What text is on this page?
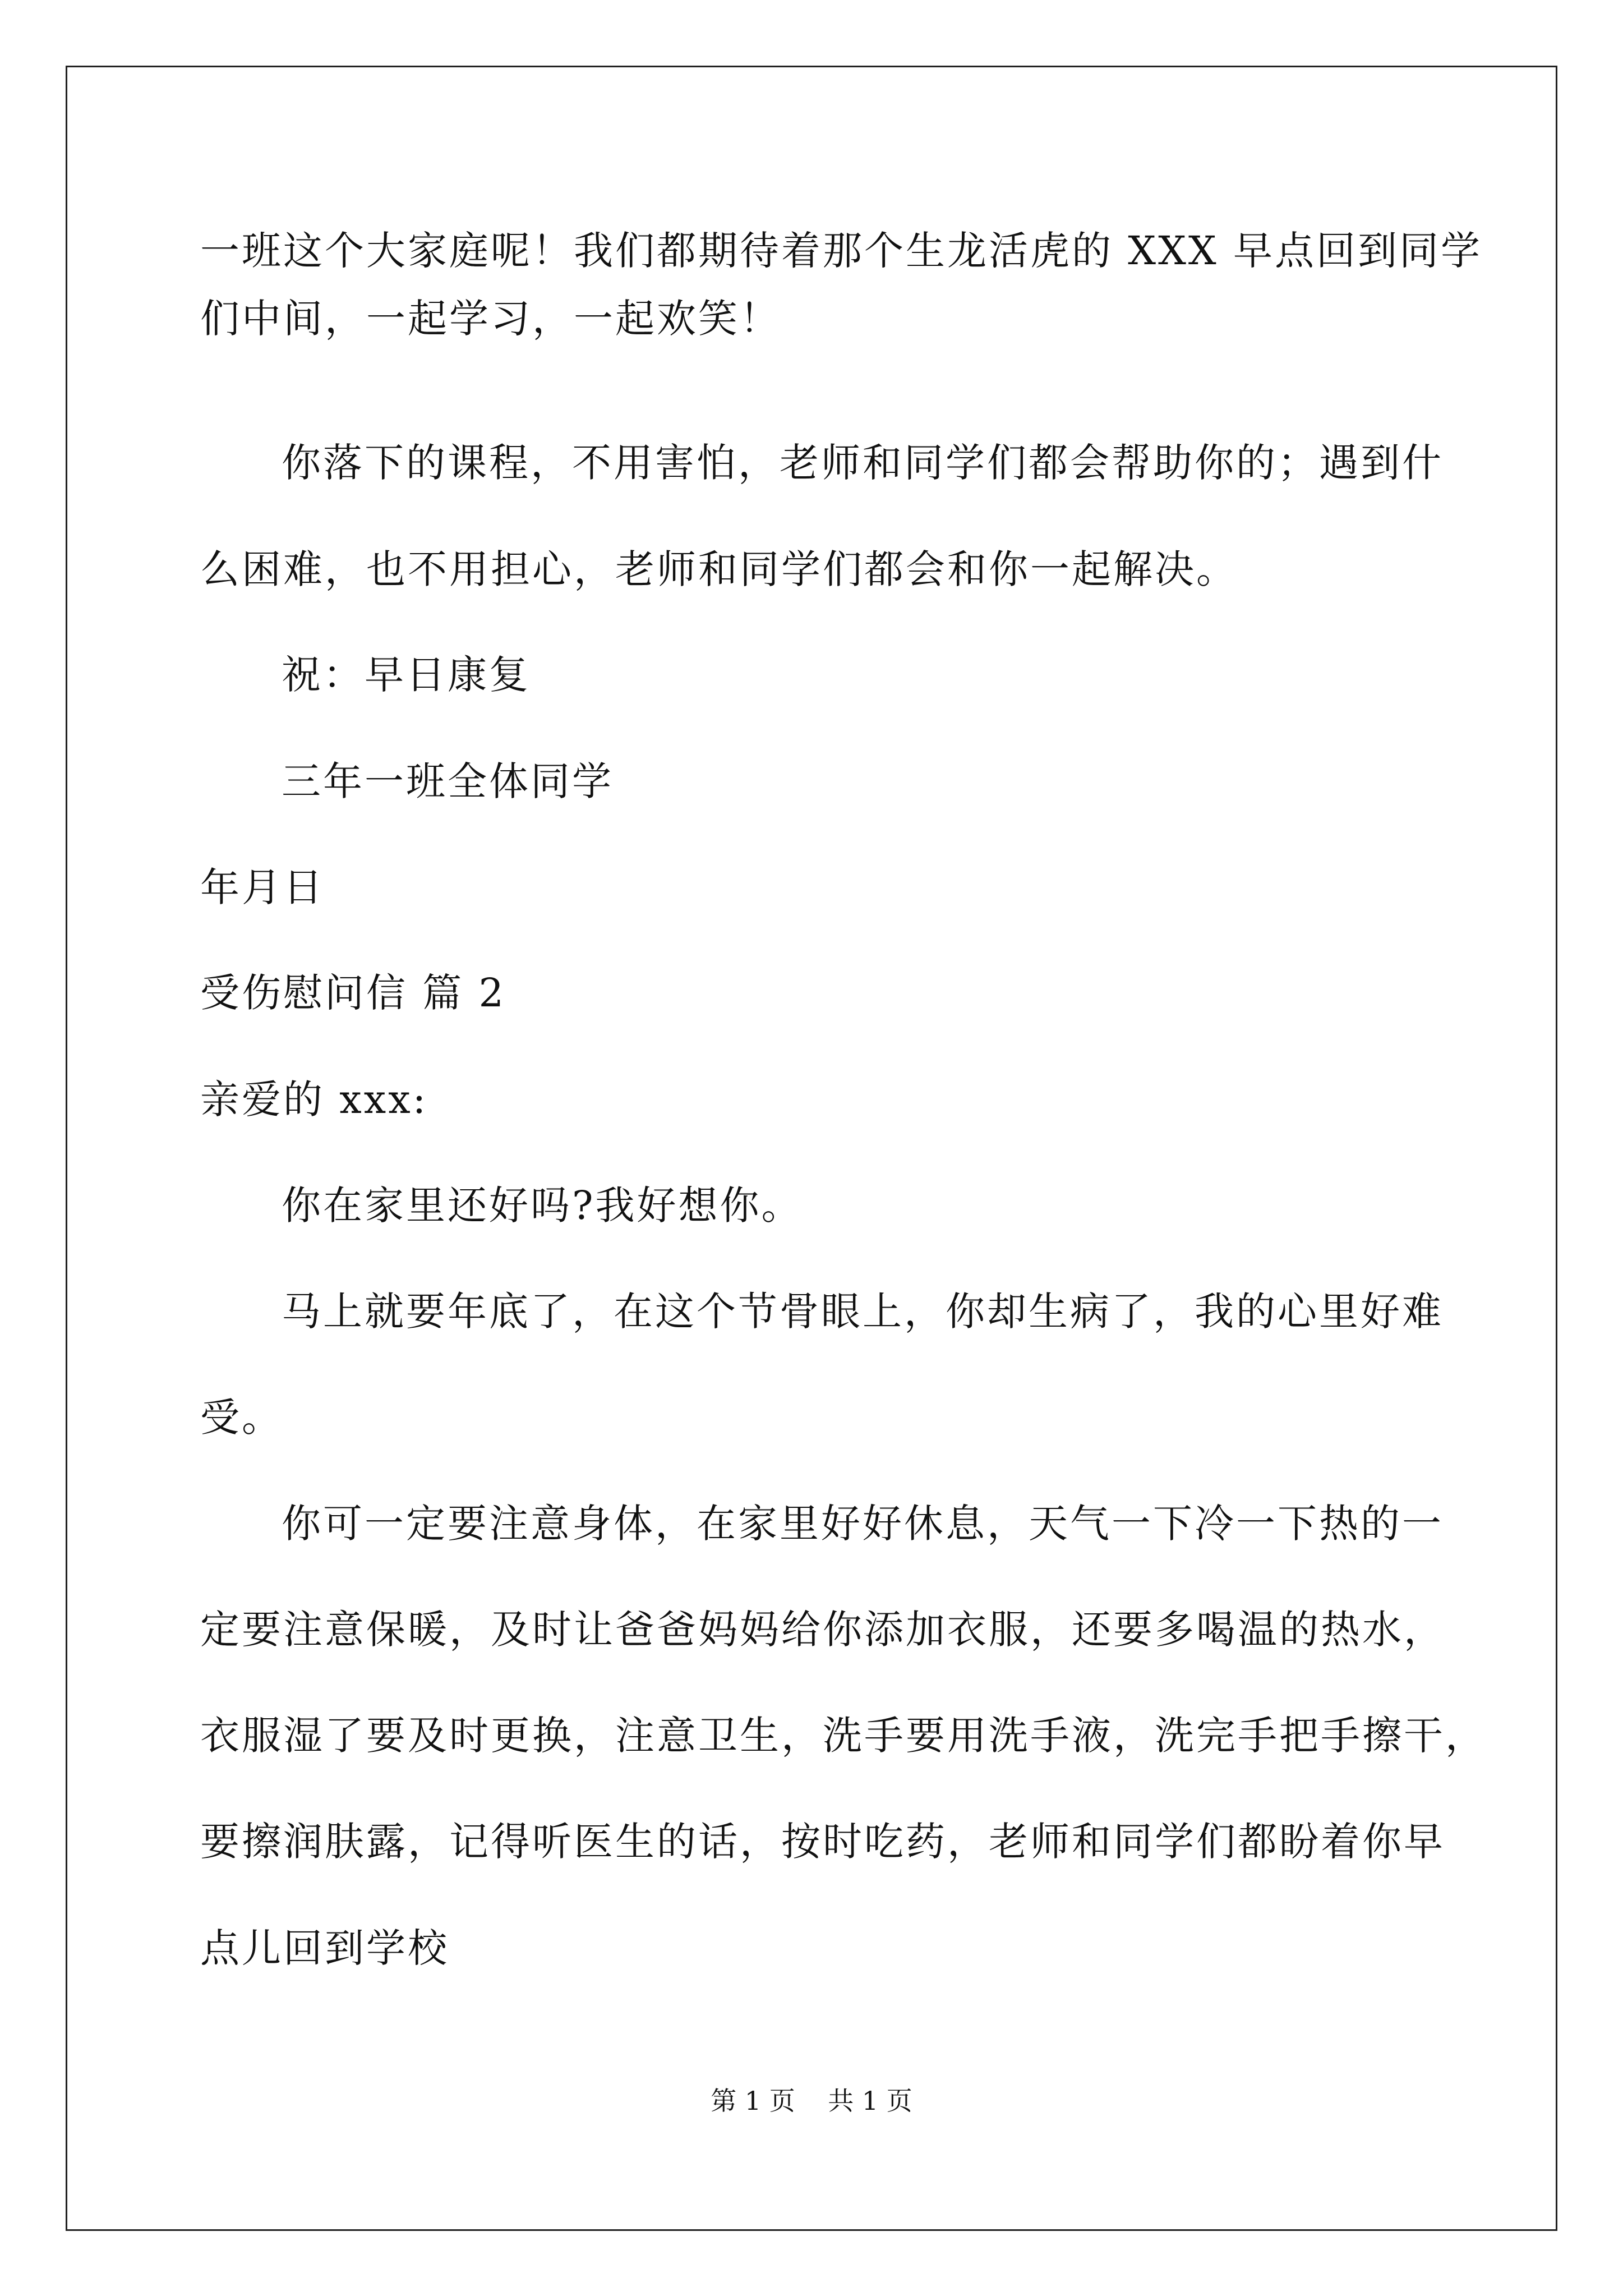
一班这个大家庭呢！我们都期待着那个生龙活虎的 XXX 早点回到同学
们中间，一起学习，一起欢笑！
你落下的课程，不用害怕，老师和同学们都会帮助你的；遇到什
么困难，也不用担心，老师和同学们都会和你一起解决。
祝：早日康复
三年一班全体同学
年月日
受伤慰问信 篇 2
亲爱的 xxx:
你在家里还好吗?我好想你。
马上就要年底了，在这个节骨眼上，你却生病了，我的心里好难
受。
你可一定要注意身体，在家里好好休息，天气一下冷一下热的一
定要注意保暖，及时让爸爸妈妈给你添加衣服，还要多喝温的热水，
衣服湿了要及时更换，注意卫生，洗手要用洗手液，洗完手把手擦干，
要擦润肤露，记得听医生的话，按时吃药，老师和同学们都盼着你早
点儿回到学校
第 1 页    共 1 页
